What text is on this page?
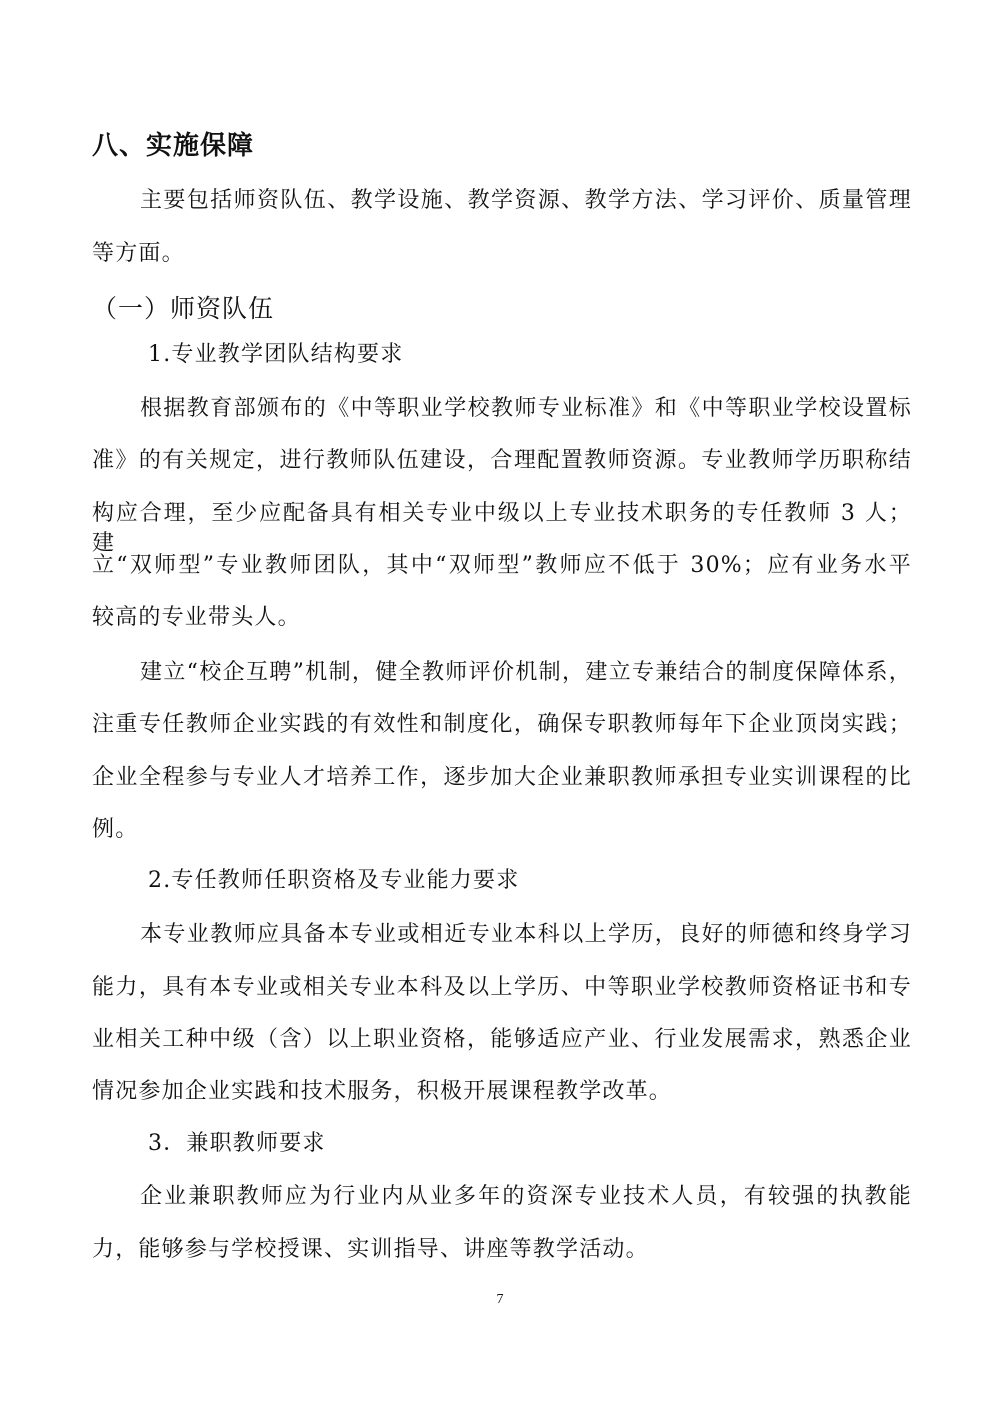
八、实施保障
主要包括师资队伍、教学设施、教学资源、教学方法、学习评价、质量管理
等方面。
（一）师资队伍
1.专业教学团队结构要求
根据教育部颁布的《中等职业学校教师专业标准》和《中等职业学校设置标
准》的有关规定，进行教师队伍建设，合理配置教师资源。专业教师学历职称结
构应合理，至少应配备具有相关专业中级以上专业技术职务的专任教师 3 人；建
立“双师型”专业教师团队，其中“双师型”教师应不低于 30%；应有业务水平
较高的专业带头人。
建立“校企互聘”机制，健全教师评价机制，建立专兼结合的制度保障体系，
注重专任教师企业实践的有效性和制度化，确保专职教师每年下企业顶岗实践；
企业全程参与专业人才培养工作，逐步加大企业兼职教师承担专业实训课程的比
例。
2.专任教师任职资格及专业能力要求
本专业教师应具备本专业或相近专业本科以上学历，良好的师德和终身学习
能力，具有本专业或相关专业本科及以上学历、中等职业学校教师资格证书和专
业相关工种中级（含）以上职业资格，能够适应产业、行业发展需求，熟悉企业
情况参加企业实践和技术服务，积极开展课程教学改革。
3．兼职教师要求
企业兼职教师应为行业内从业多年的资深专业技术人员，有较强的执教能
力，能够参与学校授课、实训指导、讲座等教学活动。
7
